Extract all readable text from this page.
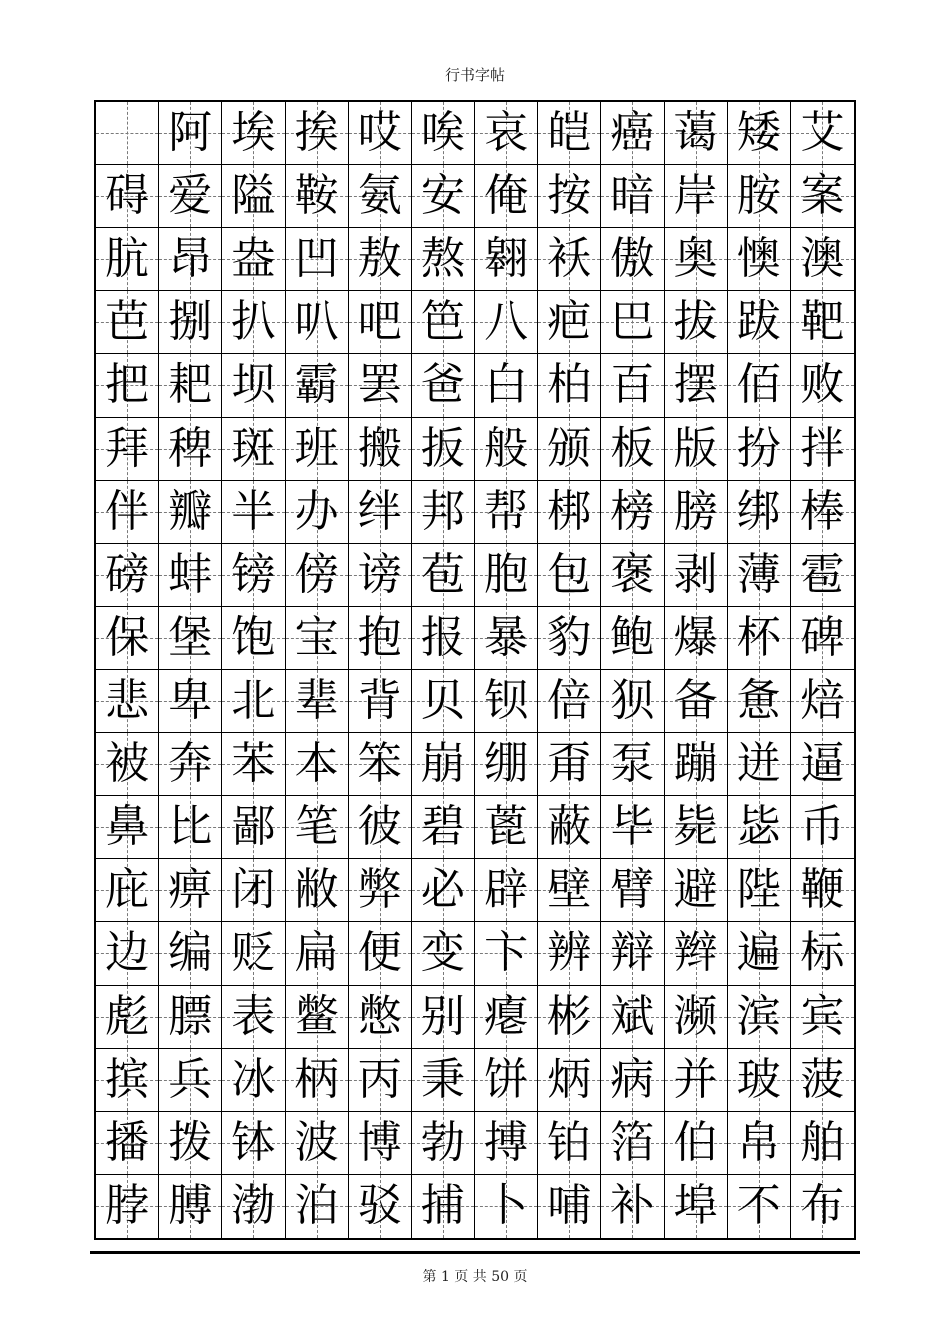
行书字帖
阿 埃 挨 哎 唉 哀 皑 癌 蔼 矮 艾
碍 爱 隘 鞍 氨 安 俺 按 暗 岸 胺 案
肮 昂 盎 凹 敖 熬 翱 袄 傲 奥 懊 澳
芭 捌 扒 叭 吧 笆 八 疤 巴 拔 跋 靶
把 耙 坝 霸 罢 爸 白 柏 百 摆 佰 败
拜 稗 斑 班 搬 扳 般 颁 板 版 扮 拌
伴 瓣 半 办 绊 邦 帮 梆 榜 膀 绑 棒
磅 蚌 镑 傍 谤 苞 胞 包 褒 剥 薄 雹
保 堡 饱 宝 抱 报 暴 豹 鲍 爆 杯 碑
悲 卑 北 辈 背 贝 钡 倍 狈 备 惫 焙
被 奔 苯 本 笨 崩 绷 甭 泵 蹦 迸 逼
鼻 比 鄙 笔 彼 碧 蓖 蔽 毕 毙 毖 币
庇 痹 闭 敝 弊 必 辟 壁 臂 避 陛 鞭
边 编 贬 扁 便 变 卞 辨 辩 辫 遍 标
彪 膘 表 鳖 憋 别 瘪 彬 斌 濒 滨 宾
摈 兵 冰 柄 丙 秉 饼 炳 病 并 玻 菠
播 拨 钵 波 博 勃 搏 铂 箔 伯 帛 舶
脖 膊 渤 泊 驳 捕 卜 哺 补 埠 不 布
第 1 页 共 50 页
